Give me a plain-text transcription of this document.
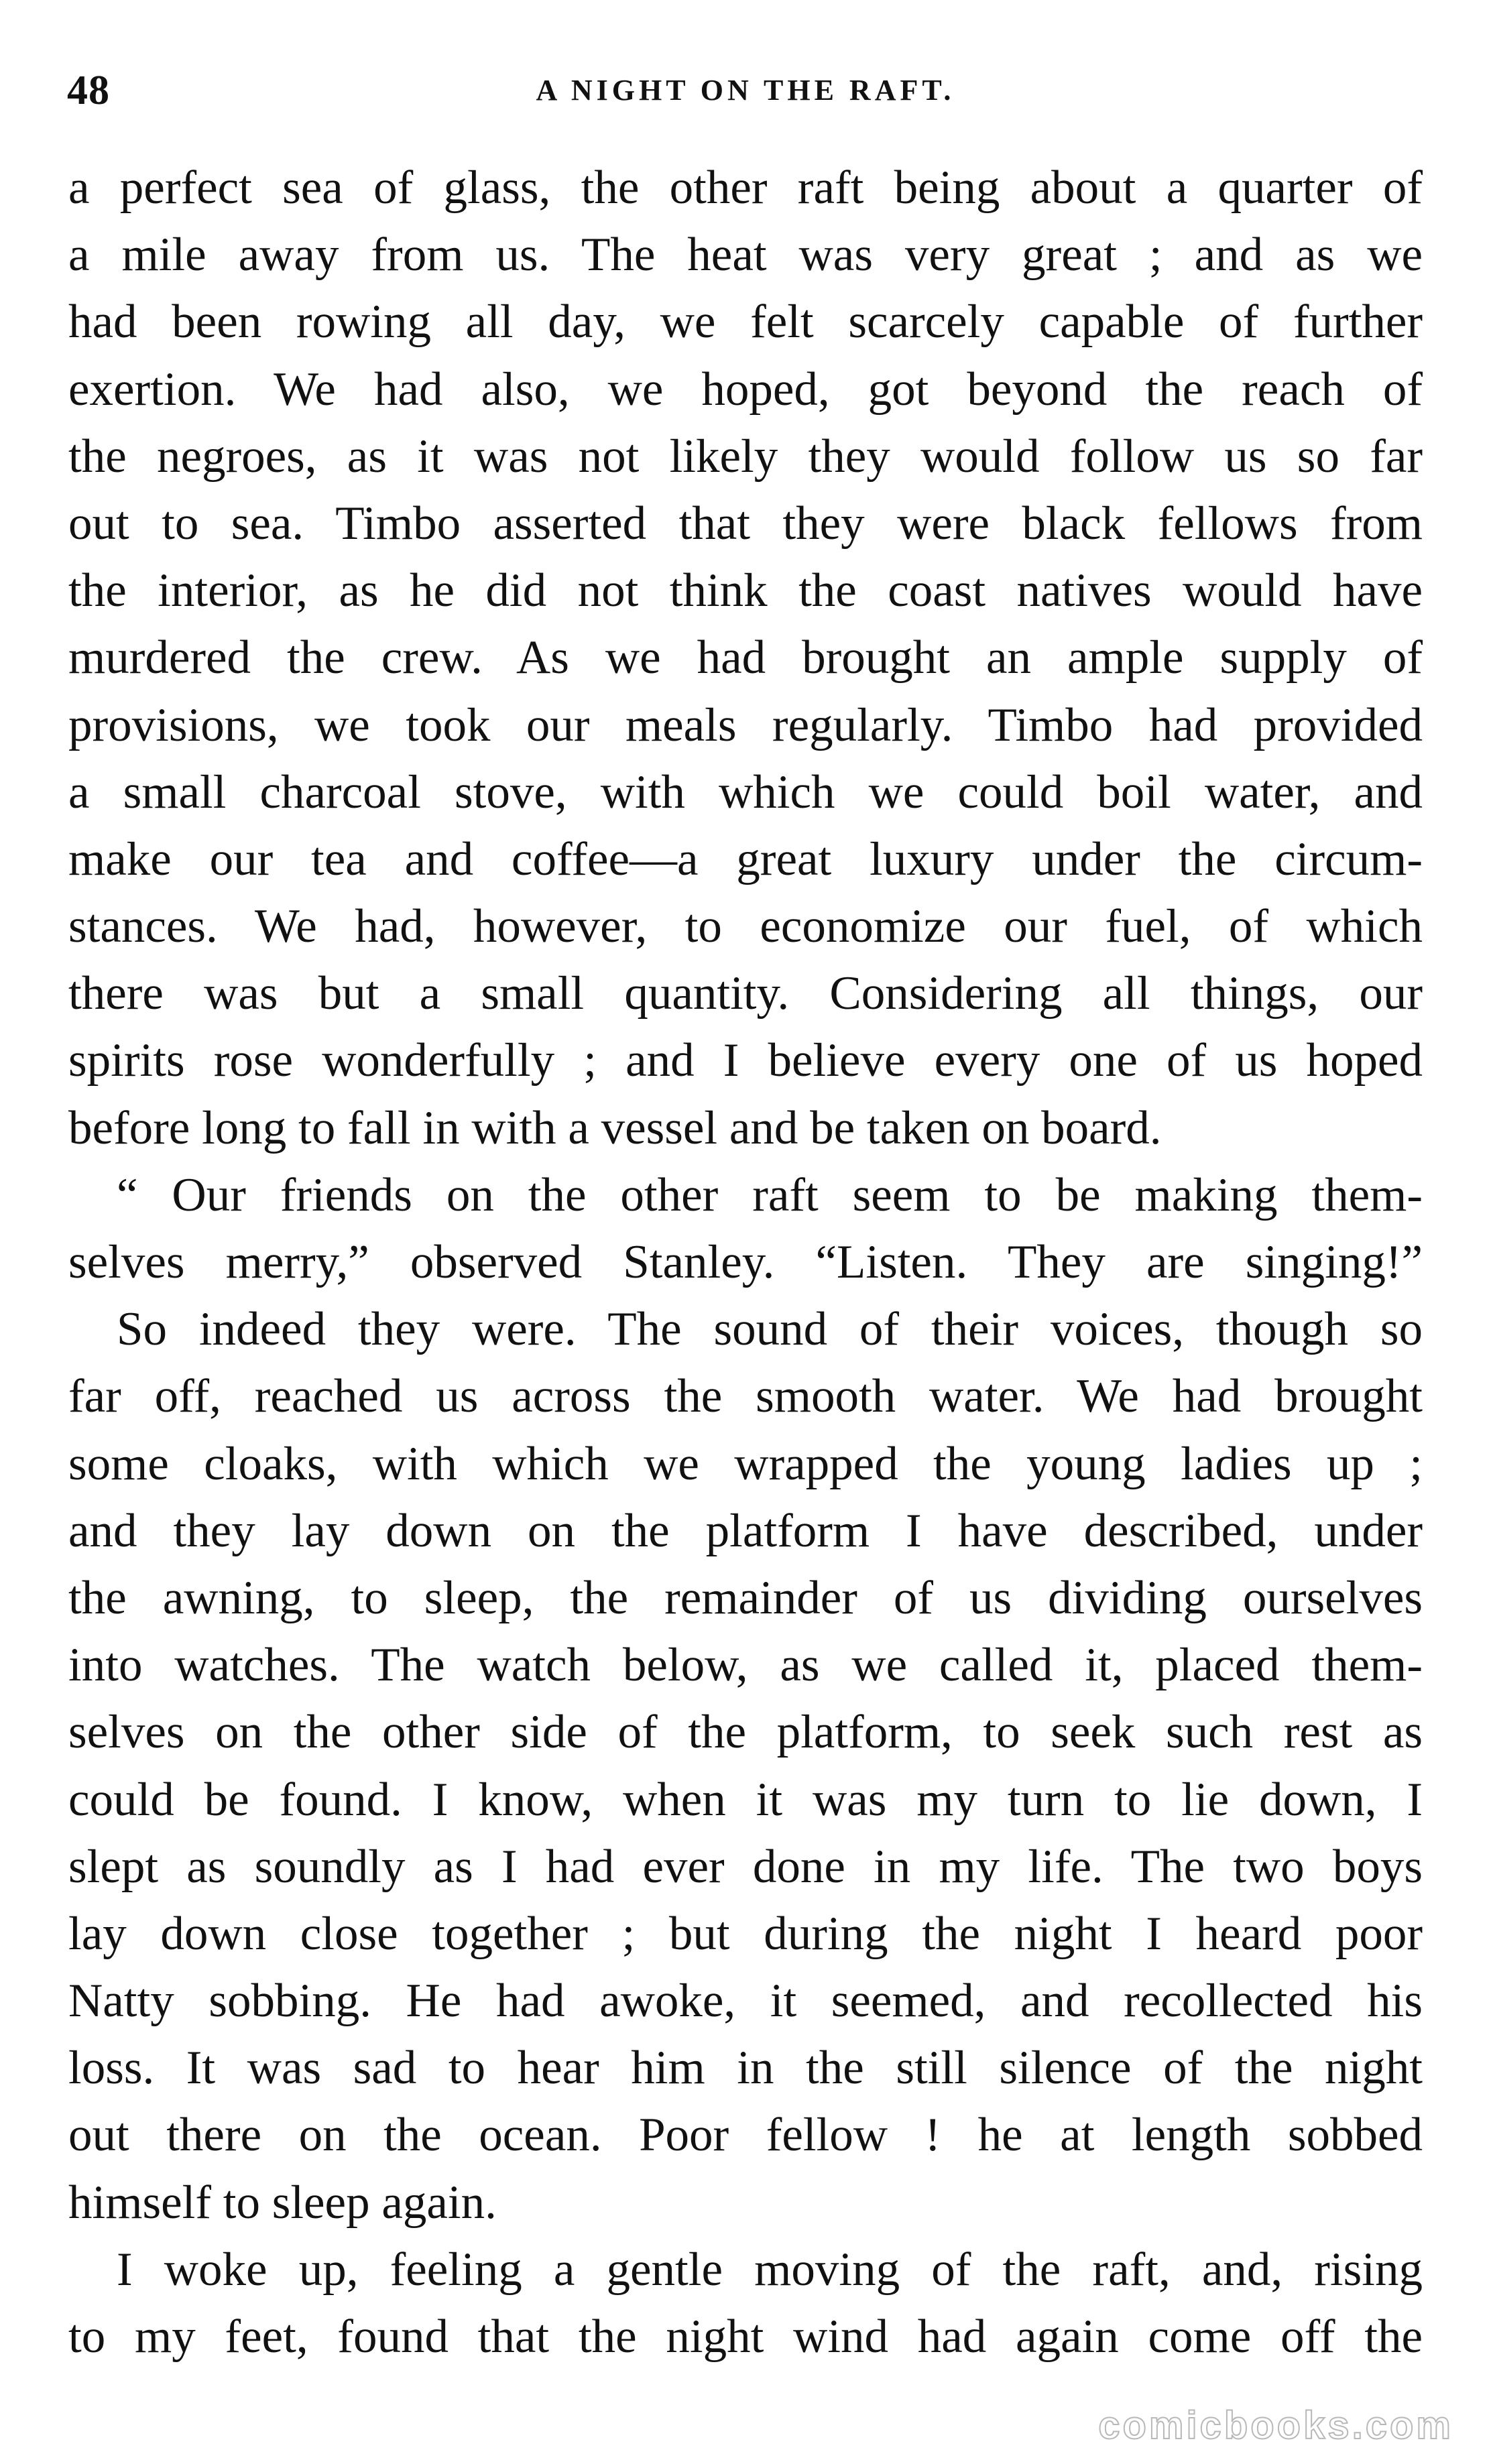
48	A NIGHT ON THE RAFT.
a perfect sea of glass, the other raft being about a quarter of
a mile away from us. The heat was very great ; and as we
had been rowing all day, we felt scarcely capable of further
exertion. We had also, we hoped, got beyond the reach of
the negroes, as it was not likely they would follow us so far
out to sea. Timbo asserted that they were black fellows from
the interior, as he did not think the coast natives would have
murdered the crew. As we had brought an ample supply of
provisions, we took our meals regularly. Timbo had provided
a small charcoal stove, with which we could boil water, and
make our tea and coffee—a great luxury under the circum-
stances. We had, however, to economize our fuel, of which
there was but a small quantity. Considering all things, our
spirits rose wonderfully ; and I believe every one of us hoped
before long to fall in with a vessel and be taken on board.
“ Our friends on the other raft seem to be making them-
selves merry,” observed Stanley. “Listen. They are singing!”
So indeed they were. The sound of their voices, though so
far off, reached us across the smooth water. We had brought
some cloaks, with which we wrapped the young ladies up ;
and they lay down on the platform I have described, under
the awning, to sleep, the remainder of us dividing ourselves
into watches. The watch below, as we called it, placed them-
selves on the other side of the platform, to seek such rest as
could be found. I know, when it was my turn to lie down, I
slept as soundly as I had ever done in my life. The two boys
lay down close together ; but during the night I heard poor
Natty sobbing. He had awoke, it seemed, and recollected his
loss. It was sad to hear him in the still silence of the night
out there on the ocean. Poor fellow ! he at length sobbed
himself to sleep again.
I woke up, feeling a gentle moving of the raft, and, rising
to my feet, found that the night wind had again come off the
comicbooks.com
